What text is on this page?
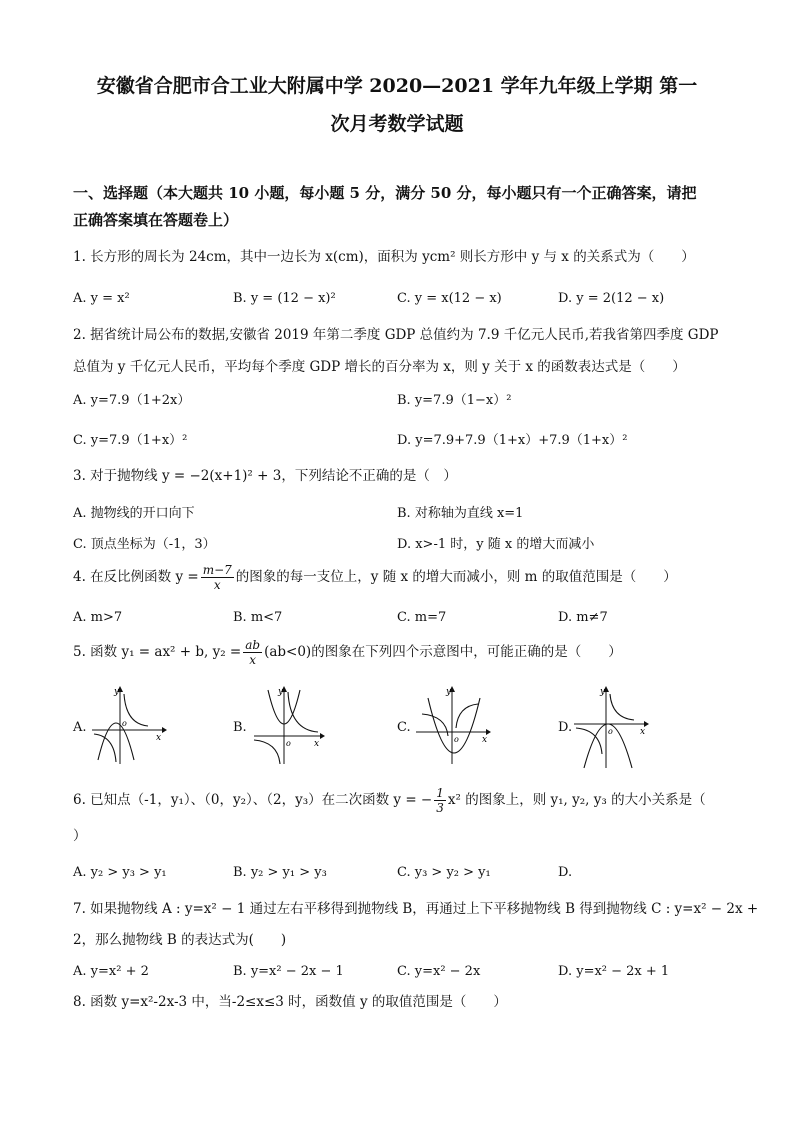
安徽省合肥市合工业大附属中学 2020—2021 学年九年级上学期 第一
次月考数学试题
一、选择题（本大题共 10 小题，每小题 5 分，满分 50 分，每小题只有一个正确答案，请把
正确答案填在答题卷上）
1. 长方形的周长为 24cm，其中一边长为 x(cm)，面积为 ycm² 则长方形中 y 与 x 的关系式为（　　）
A. y = x²	B. y = (12 − x)²	C. y = x(12 − x)	D. y = 2(12 − x)
2. 据省统计局公布的数据,安徽省 2019 年第二季度 GDP 总值约为 7.9 千亿元人民币,若我省第四季度 GDP
总值为 y 千亿元人民币，平均每个季度 GDP 增长的百分率为 x，则 y 关于 x 的函数表达式是（　　）
A. y=7.9（1+2x）	B. y=7.9（1−x）²
C. y=7.9（1+x）²	D. y=7.9+7.9（1+x）+7.9（1+x）²
3. 对于抛物线 y = −2(x+1)² + 3，下列结论不正确的是（　）
A. 抛物线的开口向下	B. 对称轴为直线 x=1
C. 顶点坐标为（-1，3）	D. x>-1 时，y 随 x 的增大而减小
4. 在反比例函数 $y = \frac{m-7}{x}$ 的图象的每一支位上，y 随 x 的增大而减小，则 m 的取值范围是（　　）
A. m>7	B. m<7	C. m=7	D. m≠7
5. 函数 y₁ = ax² + b, $y_2 = \frac{ab}{x} (ab<0)$的图象在下列四个示意图中，可能正确的是（　　）
A.
y
x
o	B.
y
x
o
C.
y
x
o
D.
y
x
o
6. 已知点（-1，y₁）、（0，y₂）、（2，y₃）在二次函数 y = − $\frac{1}{3} x^2$ 的图象上，则 y₁, y₂, y₃ 的大小关系是（
）
A. y₂ > y₃ > y₁	B. y₂ > y₁ > y₃	C. y₃ > y₂ > y₁	D.
7. 如果抛物线 A : y=x² − 1 通过左右平移得到抛物线 B，再通过上下平移抛物线 B 得到抛物线 C : y=x² − 2x +
2，那么抛物线 B 的表达式为(　　)
A. y=x² + 2	B. y=x² − 2x − 1	C. y=x² − 2x	D. y=x² − 2x + 1
8. 函数 y=x²-2x-3 中，当-2≤x≤3 时，函数值 y 的取值范围是（　　）
